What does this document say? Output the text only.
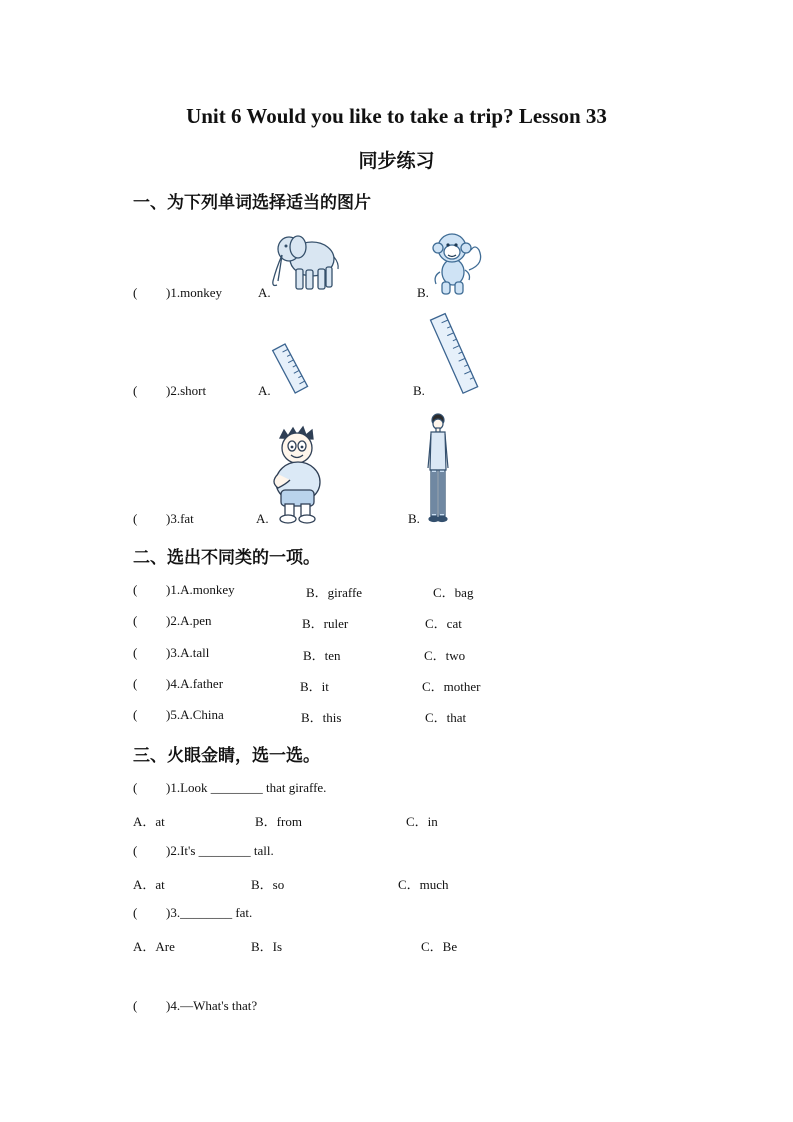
Unit 6 Would you like to take a trip? Lesson 33
同步练习
一、为下列单词选择适当的图片
( )1.monkey	A.	B.
( )2.short	A.	B.
( )3.fat	A.	B.
二、选出不同类的一项。
( )1.A.monkey	B．giraffe	C．bag
( )2.A.pen	B．ruler	C．cat
( )3.A.tall	B．ten	C．two
( )4.A.father	B．it	C．mother
( )5.A.China	B．this	C．that
三、火眼金睛，选一选。
( )1.Look ________ that giraffe.
A．at	B．from	C．in
( )2.It's ________ tall.
A．at	B．so	C．much
( )3.________ fat.
A．Are	B．Is	C．Be
( )4.—What's that?
